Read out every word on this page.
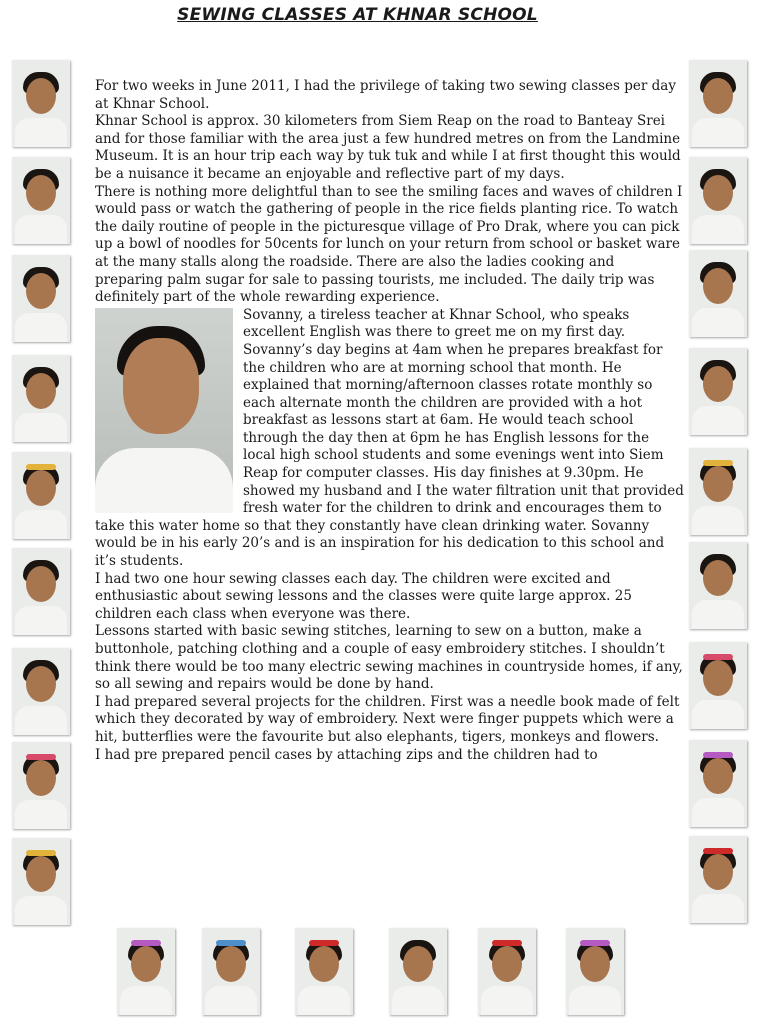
SEWING CLASSES AT KHNAR SCHOOL

For two weeks in June 2011, I had the privilege of taking two sewing classes per day at Khnar School.

Khnar School is approx. 30 kilometers from Siem Reap on the road to Banteay Srei and for those familiar with the area just a few hundred metres on from the Landmine Museum. It is an hour trip each way by tuk tuk and while I at first thought this would be a nuisance it became an enjoyable and reflective part of my days.

There is nothing more delightful than to see the smiling faces and waves of children I would pass or watch the gathering of people in the rice fields planting rice. To watch the daily routine of people in the picturesque village of Pro Drak, where you can pick up a bowl of noodles for 50cents for lunch on your return from school or basket ware at the many stalls along the roadside. There are also the ladies cooking and preparing palm sugar for sale to passing tourists, me included. The daily trip was definitely part of the whole rewarding experience.

Sovanny, a tireless teacher at Khnar School, who speaks excellent English was there to greet me on my first day. Sovanny’s day begins at 4am when he prepares breakfast for the children who are at morning school that month. He explained that morning/afternoon classes rotate monthly so each alternate month the children are provided with a hot breakfast as lessons start at 6am. He would teach school through the day then at 6pm he has English lessons for the local high school students and some evenings went into Siem Reap for computer classes. His day finishes at 9.30pm. He showed my husband and I the water filtration unit that provided fresh water for the children to drink and encourages them to take this water home so that they constantly have clean drinking water. Sovanny would be in his early 20’s and is an inspiration for his dedication to this school and it’s students.

I had two one hour sewing classes each day. The children were excited and enthusiastic about sewing lessons and the classes were quite large approx. 25 children each class when everyone was there.

Lessons started with basic sewing stitches, learning to sew on a button, make a buttonhole, patching clothing and a couple of easy embroidery stitches. I shouldn’t think there would be too many electric sewing machines in countryside homes, if any, so all sewing and repairs would be done by hand.

I had prepared several projects for the children. First was a needle book made of felt which they decorated by way of embroidery. Next were finger puppets which were a hit, butterflies were the favourite but also elephants, tigers, monkeys and flowers.

I had pre prepared pencil cases by attaching zips and the children had to
